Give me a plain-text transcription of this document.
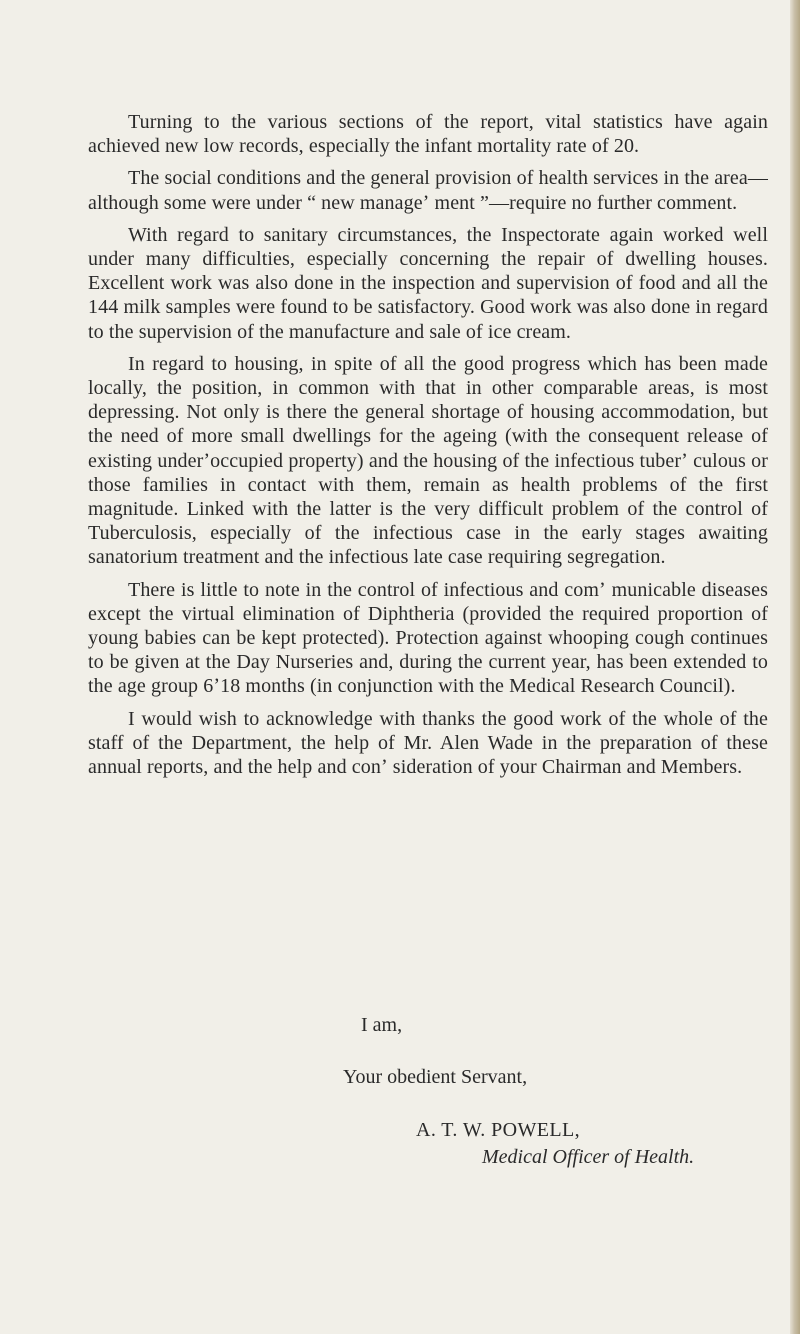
Turning to the various sections of the report, vital statistics have again achieved new low records, especially the infant mortality rate of 20.

The social conditions and the general provision of health services in the area—although some were under “ new manageʼ ment ”—require no further comment.

With regard to sanitary circumstances, the Inspectorate again worked well under many difficulties, especially concerning the repair of dwelling houses. Excellent work was also done in the inspection and supervision of food and all the 144 milk samples were found to be satisfactory. Good work was also done in regard to the supervision of the manufacture and sale of ice cream.

In regard to housing, in spite of all the good progress which has been made locally, the position, in common with that in other comparable areas, is most depressing. Not only is there the general shortage of housing accommodation, but the need of more small dwellings for the ageing (with the consequent release of existing underʼoccupied property) and the housing of the infectious tuberʼ culous or those families in contact with them, remain as health problems of the first magnitude. Linked with the latter is the very difficult problem of the control of Tuberculosis, especially of the infectious case in the early stages awaiting sanatorium treatment and the infectious late case requiring segregation.

There is little to note in the control of infectious and comʼ municable diseases except the virtual elimination of Diphtheria (provided the required proportion of young babies can be kept protected). Protection against whooping cough continues to be given at the Day Nurseries and, during the current year, has been extended to the age group 6ʼ18 months (in conjunction with the Medical Research Council).

I would wish to acknowledge with thanks the good work of the whole of the staff of the Department, the help of Mr. Alen Wade in the preparation of these annual reports, and the help and conʼ sideration of your Chairman and Members.

I am,
Your obedient Servant,
A. T. W. POWELL,
Medical Officer of Health.
